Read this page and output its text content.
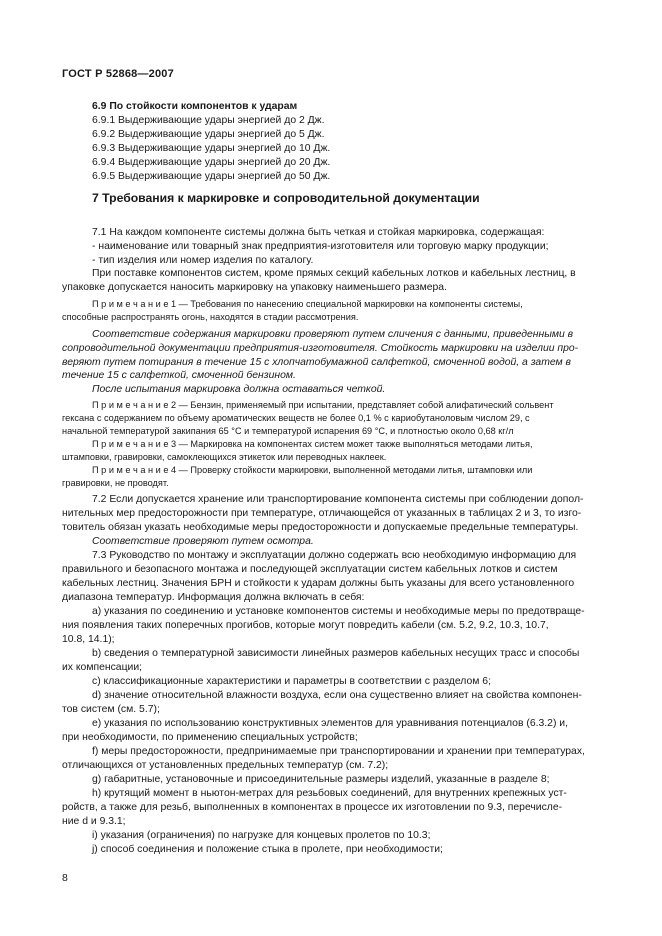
ГОСТ Р 52868—2007
6.9 По стойкости компонентов к ударам
6.9.1 Выдерживающие удары энергией до 2 Дж.
6.9.2 Выдерживающие удары энергией до 5 Дж.
6.9.3 Выдерживающие удары энергией до 10 Дж.
6.9.4 Выдерживающие удары энергией до 20 Дж.
6.9.5 Выдерживающие удары энергией до 50 Дж.
7 Требования к маркировке и сопроводительной документации
7.1 На каждом компоненте системы должна быть четкая и стойкая маркировка, содержащая:
- наименование или товарный знак предприятия-изготовителя или торговую марку продукции;
- тип изделия или номер изделия по каталогу.
При поставке компонентов систем, кроме прямых секций кабельных лотков и кабельных лестниц, в
упаковке допускается наносить маркировку на упаковку наименьшего размера.
П р и м е ч а н и е 1 — Требования по нанесению специальной маркировки на компоненты системы,
способные распространять огонь, находятся в стадии рассмотрения.
Соответствие содержания маркировки проверяют путем сличения с данными, приведенными в
сопроводительной документации предприятия-изготовителя. Стойкость маркировки на изделии про-
веряют путем потирания в течение 15 с хлопчатобумажной салфеткой, смоченной водой, а затем в
течение 15 с салфеткой, смоченной бензином.
После испытания маркировка должна оставаться четкой.
П р и м е ч а н и е 2 — Бензин, применяемый при испытании, представляет собой алифатический сольвент
гексана с содержанием по объему ароматических веществ не более 0,1 % с кариобутаноловым числом 29, с
начальной температурой закипания 65 °С и температурой испарения 69 °С, и плотностью около 0,68 кг/л
П р и м е ч а н и е 3 — Маркировка на компонентах систем может также выполняться методами литья,
штамповки, гравировки, самоклеющихся этикеток или переводных наклеек.
П р и м е ч а н и е 4 — Проверку стойкости маркировки, выполненной методами литья, штамповки или
гравировки, не проводят.
7.2 Если допускается хранение или транспортирование компонента системы при соблюдении допол-
нительных мер предосторожности при температуре, отличающейся от указанных в таблицах 2 и 3, то изго-
товитель обязан указать необходимые меры предосторожности и допускаемые предельные температуры.
Соответствие проверяют путем осмотра.
7.3 Руководство по монтажу и эксплуатации должно содержать всю необходимую информацию для
правильного и безопасного монтажа и последующей эксплуатации систем кабельных лотков и систем
кабельных лестниц. Значения БРН и стойкости к ударам должны быть указаны для всего установленного
диапазона температур. Информация должна включать в себя:
а) указания по соединению и установке компонентов системы и необходимые меры по предотвраще-
ния появления таких поперечных прогибов, которые могут повредить кабели (см. 5.2, 9.2, 10.3, 10.7,
10.8, 14.1);
b) сведения о температурной зависимости линейных размеров кабельных несущих трасс и способы
их компенсации;
c) классификационные характеристики и параметры в соответствии с разделом 6;
d) значение относительной влажности воздуха, если она существенно влияет на свойства компонен-
тов систем (см. 5.7);
e) указания по использованию конструктивных элементов для уравнивания потенциалов (6.3.2) и,
при необходимости, по применению специальных устройств;
f) меры предосторожности, предпринимаемые при транспортировании и хранении при температурах,
отличающихся от установленных предельных температур (см. 7.2);
g) габаритные, установочные и присоединительные размеры изделий, указанные в разделе 8;
h) крутящий момент в ньютон-метрах для резьбовых соединений, для внутренних крепежных уст-
ройств, а также для резьб, выполненных в компонентах в процессе их изготовлении по 9.3, перечисле-
ние d и 9.3.1;
i) указания (ограничения) по нагрузке для концевых пролетов по 10.3;
j) способ соединения и положение стыка в пролете, при необходимости;
8
